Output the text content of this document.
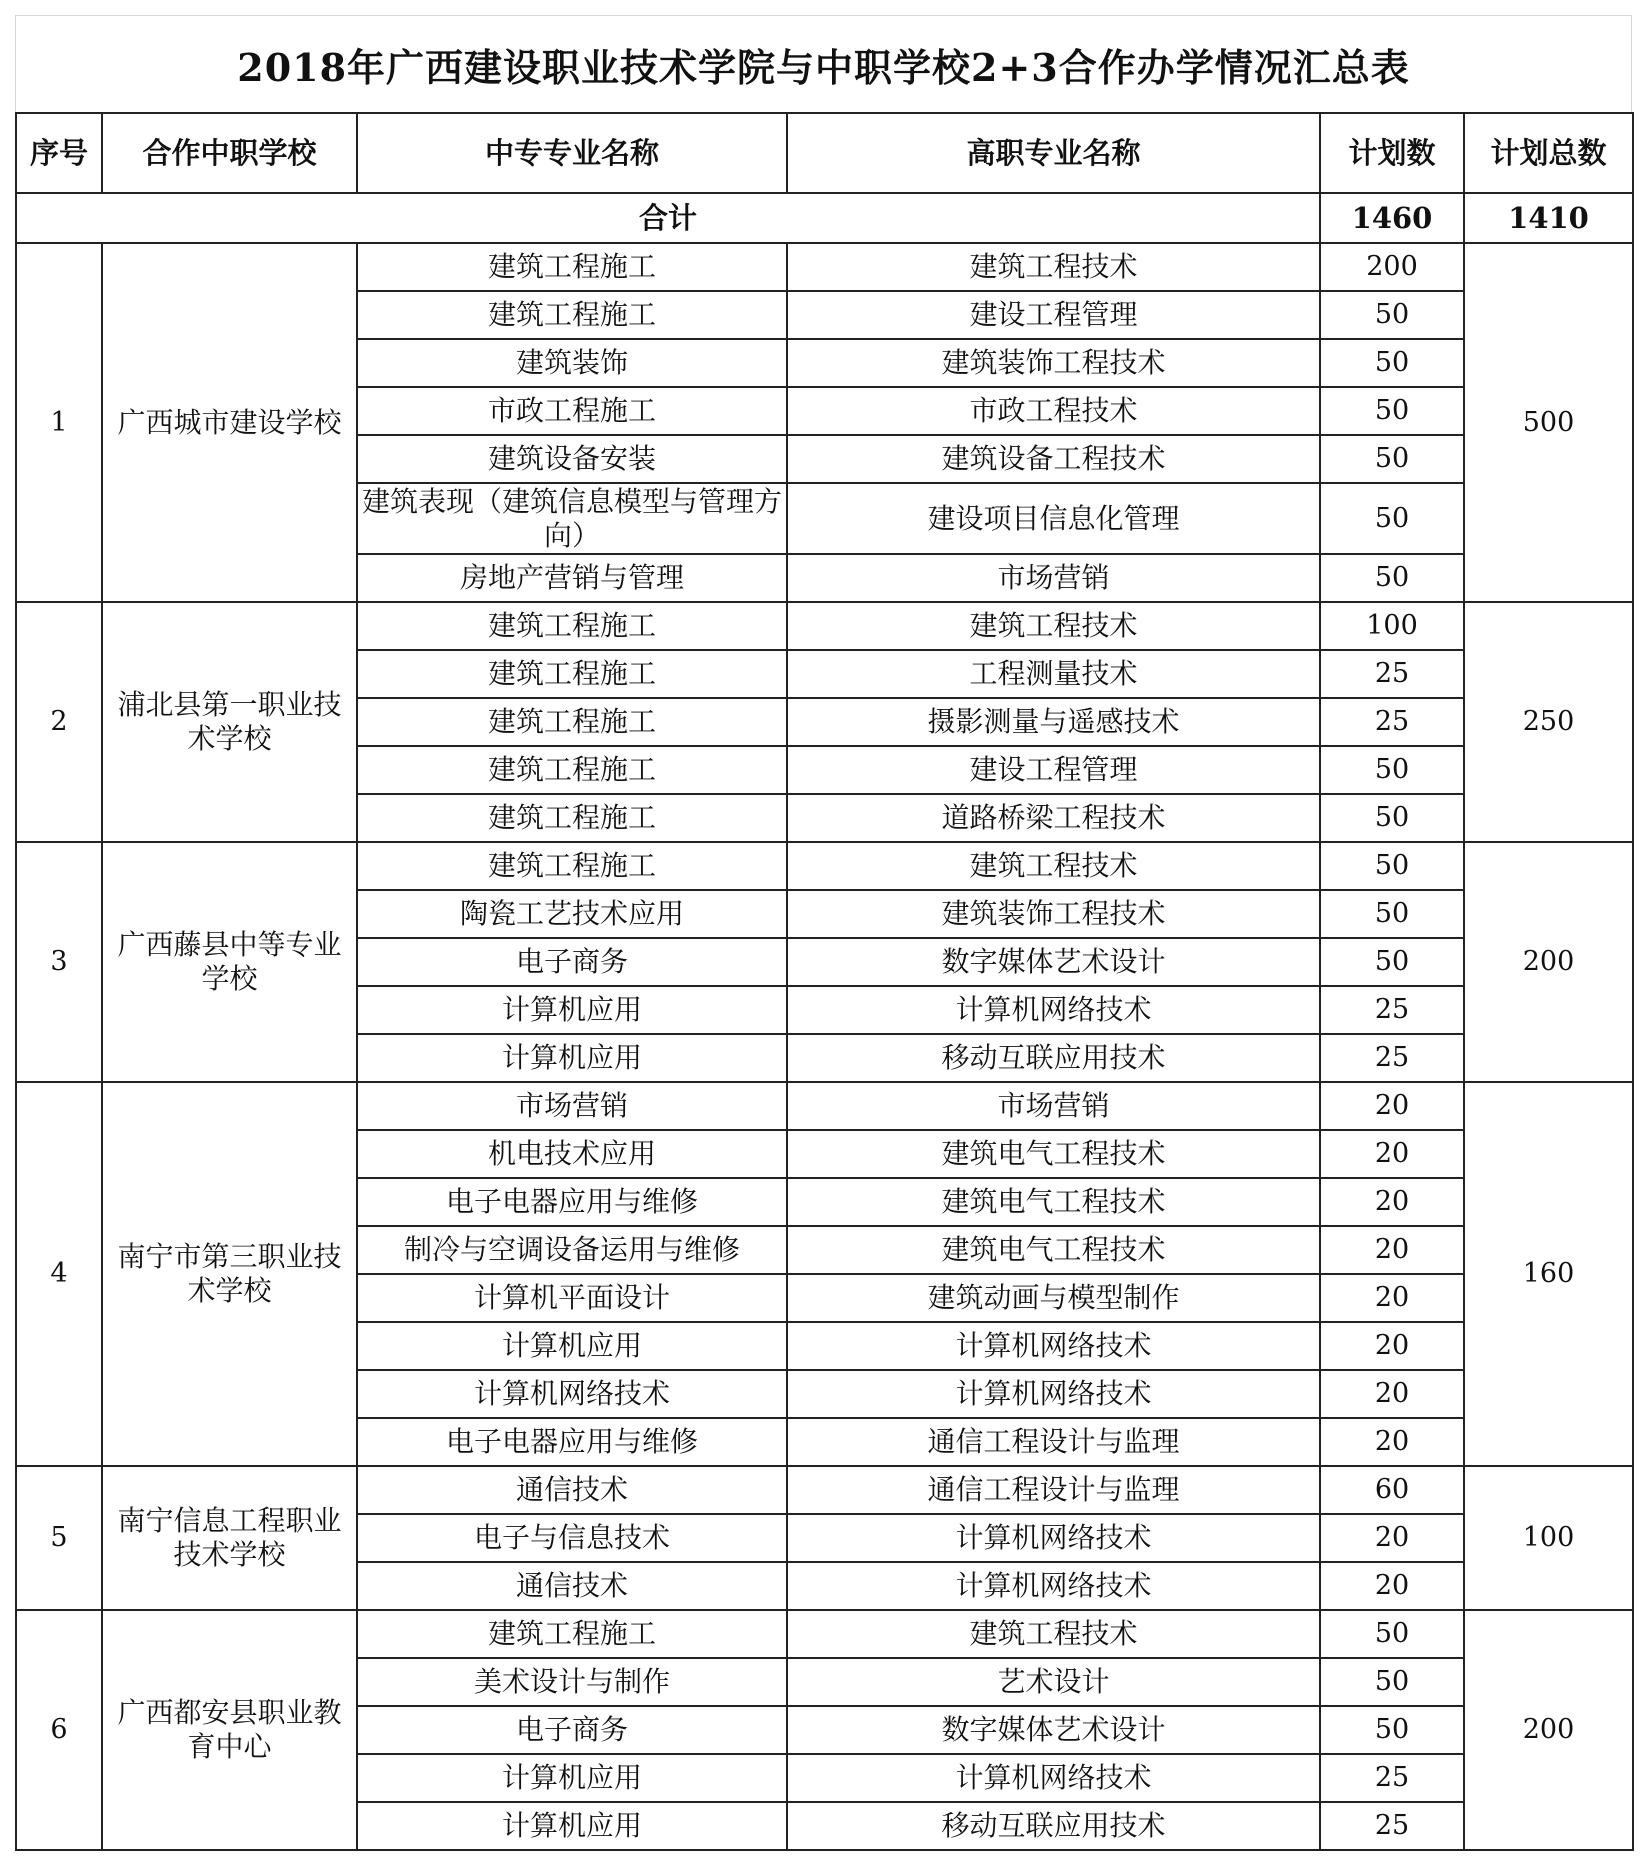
2018年广西建设职业技术学院与中职学校2+3合作办学情况汇总表
序号	合作中职学校	中专专业名称	高职专业名称	计划数	计划总数
合计				1460	1410
1	广西城市建设学校	建筑工程施工	建筑工程技术	200	500
		建筑工程施工	建设工程管理	50	
		建筑装饰	建筑装饰工程技术	50	
		市政工程施工	市政工程技术	50	
		建筑设备安装	建筑设备工程技术	50	
		建筑表现（建筑信息模型与管理方向）	建设项目信息化管理	50	
		房地产营销与管理	市场营销	50	
2	浦北县第一职业技术学校	建筑工程施工	建筑工程技术	100	250
		建筑工程施工	工程测量技术	25	
		建筑工程施工	摄影测量与遥感技术	25	
		建筑工程施工	建设工程管理	50	
		建筑工程施工	道路桥梁工程技术	50	
3	广西藤县中等专业学校	建筑工程施工	建筑工程技术	50	200
		陶瓷工艺技术应用	建筑装饰工程技术	50	
		电子商务	数字媒体艺术设计	50	
		计算机应用	计算机网络技术	25	
		计算机应用	移动互联应用技术	25	
4	南宁市第三职业技术学校	市场营销	市场营销	20	160
		机电技术应用	建筑电气工程技术	20	
		电子电器应用与维修	建筑电气工程技术	20	
		制冷与空调设备运用与维修	建筑电气工程技术	20	
		计算机平面设计	建筑动画与模型制作	20	
		计算机应用	计算机网络技术	20	
		计算机网络技术	计算机网络技术	20	
		电子电器应用与维修	通信工程设计与监理	20	
5	南宁信息工程职业技术学校	通信技术	通信工程设计与监理	60	100
		电子与信息技术	计算机网络技术	20	
		通信技术	计算机网络技术	20	
6	广西都安县职业教育中心	建筑工程施工	建筑工程技术	50	200
		美术设计与制作	艺术设计	50	
		电子商务	数字媒体艺术设计	50	
		计算机应用	计算机网络技术	25	
		计算机应用	移动互联应用技术	25	
